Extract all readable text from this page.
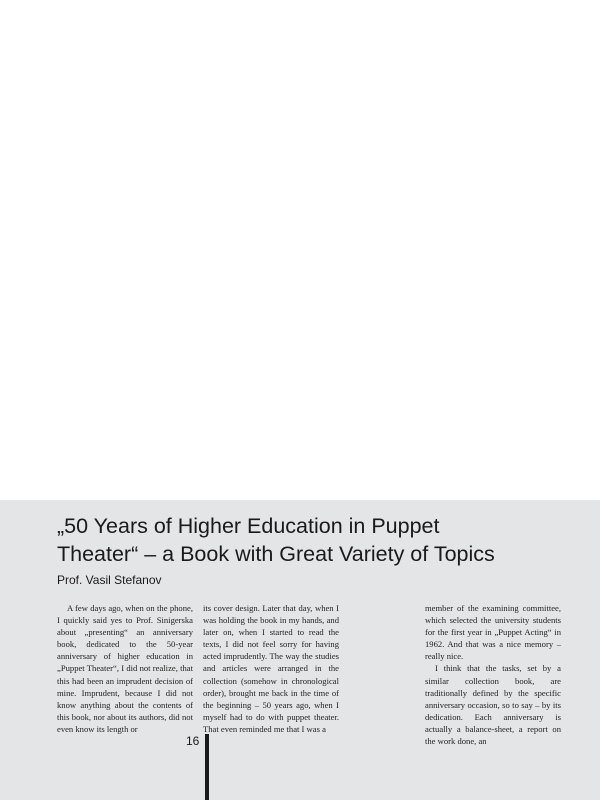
„50 Years of Higher Education in Puppet
Theater“ – a Book with Great Variety of Topics

Prof. Vasil Stefanov

A few days ago, when on the phone, I quickly said yes to Prof. Sinigerska about „presenting“ an anniversary book, dedicated to the 50-year anniversary of higher education in „Puppet Theater“, I did not realize, that this had been an imprudent decision of mine. Imprudent, because I did not know anything about the contents of this book, nor about its authors, did not even know its length or

its cover design. Later that day, when I was holding the book in my hands, and later on, when I started to read the texts, I did not feel sorry for having acted imprudently. The way the studies and articles were arranged in the collection (somehow in chronological order), brought me back in the time of the beginning – 50 years ago, when I myself had to do with puppet theater. That even reminded me that I was a

member of the examining committee, which selected the university students for the first year in „Puppet Acting“ in 1962. And that was a nice memory – really nice.

I think that the tasks, set by a similar collection book, are traditionally defined by the specific anniversary occasion, so to say – by its dedication. Each anniversary is actually a balance-sheet, a report on the work done, an

16
